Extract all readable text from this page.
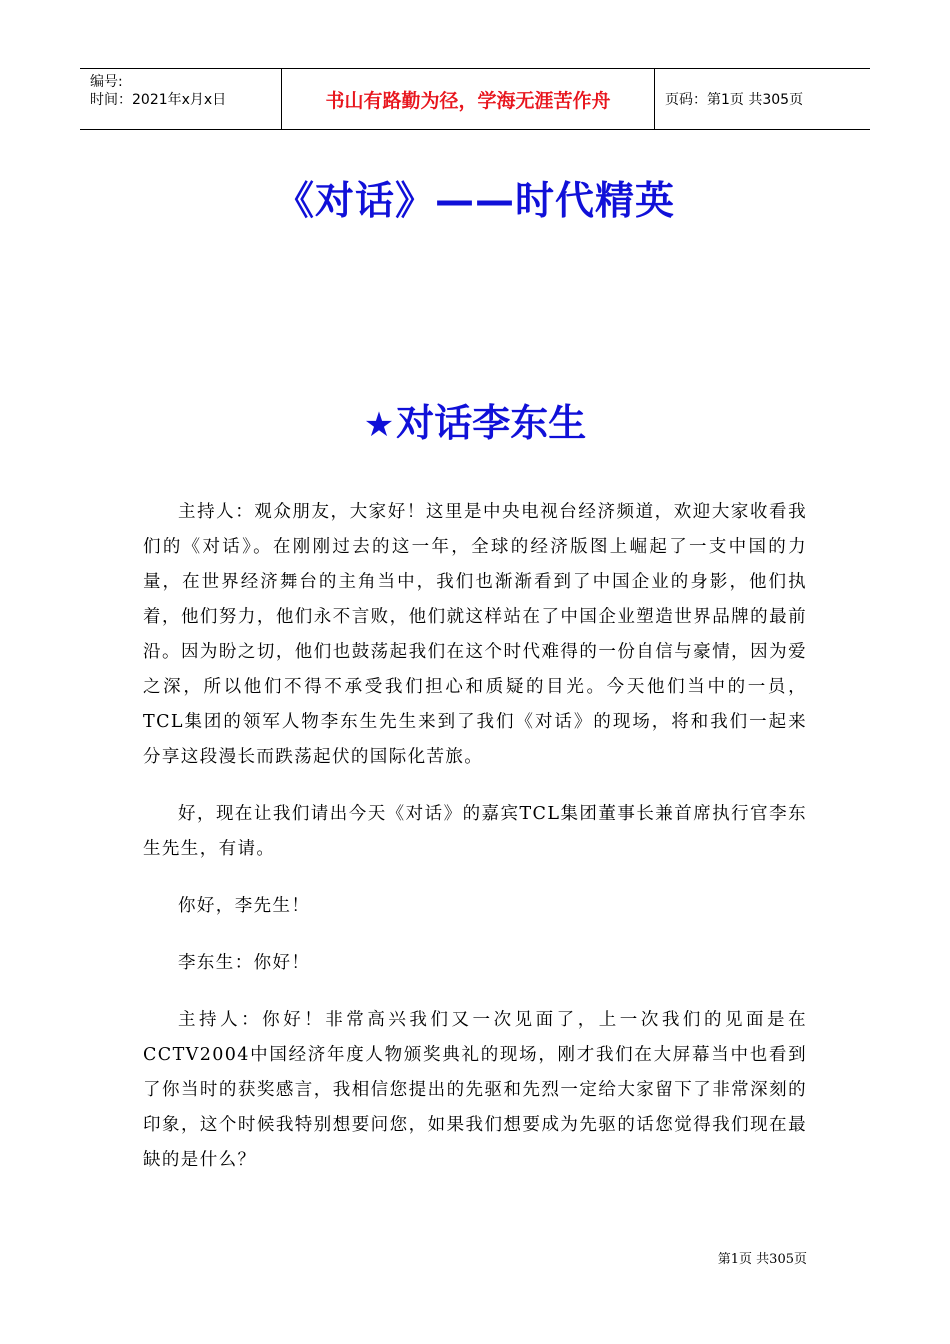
编号:
时间：2021年x月x日	书山有路勤为径，学海无涯苦作舟	页码：第1页 共305页
《对话》——时代精英
★对话李东生

主持人：观众朋友，大家好！这里是中央电视台经济频道，欢迎大家收看我们的《对话》。在刚刚过去的这一年，全球的经济版图上崛起了一支中国的力量，在世界经济舞台的主角当中，我们也渐渐看到了中国企业的身影，他们执着，他们努力，他们永不言败，他们就这样站在了中国企业塑造世界品牌的最前沿。因为盼之切，他们也鼓荡起我们在这个时代难得的一份自信与豪情，因为爱之深，所以他们不得不承受我们担心和质疑的目光。今天他们当中的一员，TCL集团的领军人物李东生先生来到了我们《对话》的现场，将和我们一起来分享这段漫长而跌荡起伏的国际化苦旅。

好，现在让我们请出今天《对话》的嘉宾TCL集团董事长兼首席执行官李东生先生，有请。

你好，李先生！

李东生：你好！

主持人：你好！非常高兴我们又一次见面了，上一次我们的见面是在CCTV2004中国经济年度人物颁奖典礼的现场，刚才我们在大屏幕当中也看到了你当时的获奖感言，我相信您提出的先驱和先烈一定给大家留下了非常深刻的印象，这个时候我特别想要问您，如果我们想要成为先驱的话您觉得我们现在最缺的是什么？

第1页 共305页
